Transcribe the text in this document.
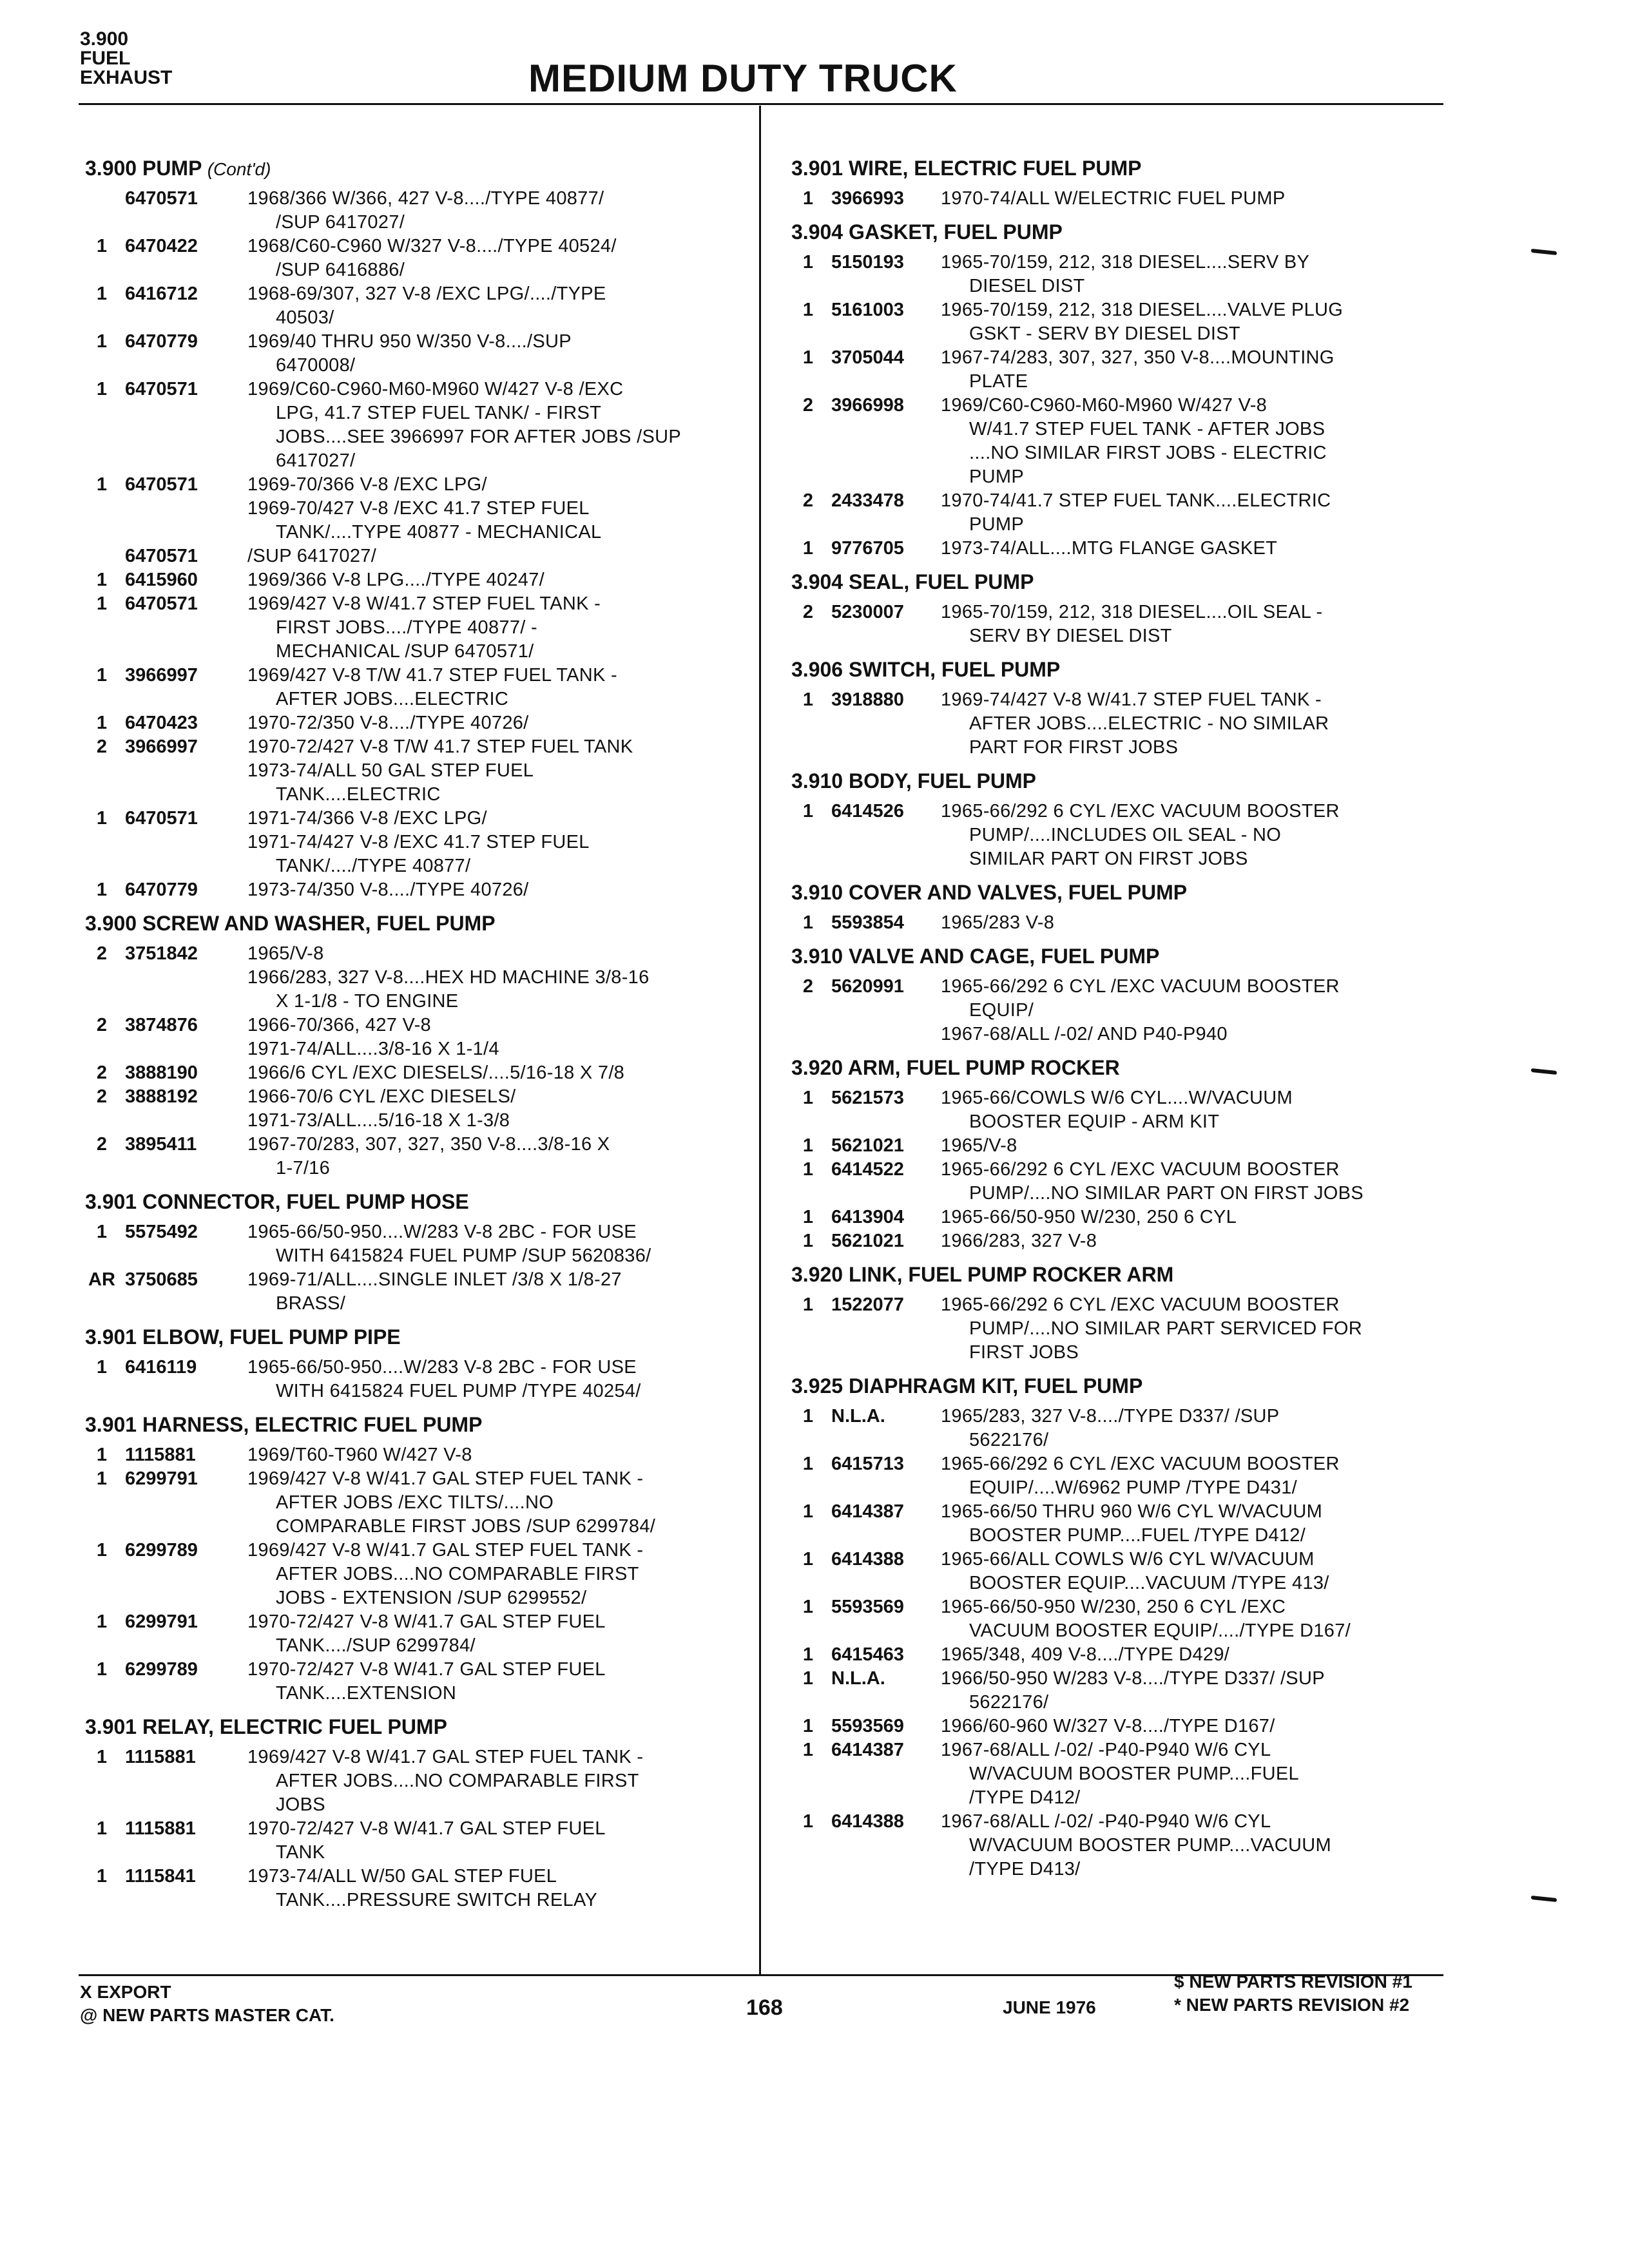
3.900
FUEL
EXHAUST	MEDIUM DUTY TRUCK
3.900 PUMP (Cont'd)
6470571	1968/366 W/366, 427 V-8..../TYPE 40877/
/SUP 6417027/
1 6470422	1968/C60-C960 W/327 V-8..../TYPE 40524/
/SUP 6416886/
1 6416712	1968-69/307, 327 V-8 /EXC LPG/..../TYPE
40503/
1 6470779	1969/40 THRU 950 W/350 V-8..../SUP
6470008/
1 6470571	1969/C60-C960-M60-M960 W/427 V-8 /EXC
LPG, 41.7 STEP FUEL TANK/ - FIRST
JOBS....SEE 3966997 FOR AFTER JOBS /SUP
6417027/
1 6470571	1969-70/366 V-8 /EXC LPG/
1969-70/427 V-8 /EXC 41.7 STEP FUEL
TANK/....TYPE 40877 - MECHANICAL
6470571	/SUP 6417027/
1 6415960	1969/366 V-8 LPG..../TYPE 40247/
1 6470571	1969/427 V-8 W/41.7 STEP FUEL TANK -
FIRST JOBS..../TYPE 40877/ -
MECHANICAL /SUP 6470571/
1 3966997	1969/427 V-8 T/W 41.7 STEP FUEL TANK -
AFTER JOBS....ELECTRIC
1 6470423	1970-72/350 V-8..../TYPE 40726/
2 3966997	1970-72/427 V-8 T/W 41.7 STEP FUEL TANK
1973-74/ALL 50 GAL STEP FUEL
TANK....ELECTRIC
1 6470571	1971-74/366 V-8 /EXC LPG/
1971-74/427 V-8 /EXC 41.7 STEP FUEL
TANK/..../TYPE 40877/
1 6470779	1973-74/350 V-8..../TYPE 40726/
3.900 SCREW AND WASHER, FUEL PUMP
2 3751842	1965/V-8
1966/283, 327 V-8....HEX HD MACHINE 3/8-16
X 1-1/8 - TO ENGINE
2 3874876	1966-70/366, 427 V-8
1971-74/ALL....3/8-16 X 1-1/4
2 3888190	1966/6 CYL /EXC DIESELS/....5/16-18 X 7/8
2 3888192	1966-70/6 CYL /EXC DIESELS/
1971-73/ALL....5/16-18 X 1-3/8
2 3895411	1967-70/283, 307, 327, 350 V-8....3/8-16 X
1-7/16
3.901 CONNECTOR, FUEL PUMP HOSE
1 5575492	1965-66/50-950....W/283 V-8 2BC - FOR USE
WITH 6415824 FUEL PUMP /SUP 5620836/
AR 3750685	1969-71/ALL....SINGLE INLET /3/8 X 1/8-27
BRASS/
3.901 ELBOW, FUEL PUMP PIPE
1 6416119	1965-66/50-950....W/283 V-8 2BC - FOR USE
WITH 6415824 FUEL PUMP /TYPE 40254/
3.901 HARNESS, ELECTRIC FUEL PUMP
1 1115881	1969/T60-T960 W/427 V-8
1 6299791	1969/427 V-8 W/41.7 GAL STEP FUEL TANK -
AFTER JOBS /EXC TILTS/....NO
COMPARABLE FIRST JOBS /SUP 6299784/
1 6299789	1969/427 V-8 W/41.7 GAL STEP FUEL TANK -
AFTER JOBS....NO COMPARABLE FIRST
JOBS - EXTENSION /SUP 6299552/
1 6299791	1970-72/427 V-8 W/41.7 GAL STEP FUEL
TANK..../SUP 6299784/
1 6299789	1970-72/427 V-8 W/41.7 GAL STEP FUEL
TANK....EXTENSION
3.901 RELAY, ELECTRIC FUEL PUMP
1 1115881	1969/427 V-8 W/41.7 GAL STEP FUEL TANK -
AFTER JOBS....NO COMPARABLE FIRST
JOBS
1 1115881	1970-72/427 V-8 W/41.7 GAL STEP FUEL
TANK
1 1115841	1973-74/ALL W/50 GAL STEP FUEL
TANK....PRESSURE SWITCH RELAY
3.901 WIRE, ELECTRIC FUEL PUMP
1 3966993	1970-74/ALL W/ELECTRIC FUEL PUMP
3.904 GASKET, FUEL PUMP
1 5150193	1965-70/159, 212, 318 DIESEL....SERV BY
DIESEL DIST
1 5161003	1965-70/159, 212, 318 DIESEL....VALVE PLUG
GSKT - SERV BY DIESEL DIST
1 3705044	1967-74/283, 307, 327, 350 V-8....MOUNTING
PLATE
2 3966998	1969/C60-C960-M60-M960 W/427 V-8
W/41.7 STEP FUEL TANK - AFTER JOBS
....NO SIMILAR FIRST JOBS - ELECTRIC
PUMP
2 2433478	1970-74/41.7 STEP FUEL TANK....ELECTRIC
PUMP
1 9776705	1973-74/ALL....MTG FLANGE GASKET
3.904 SEAL, FUEL PUMP
2 5230007	1965-70/159, 212, 318 DIESEL....OIL SEAL -
SERV BY DIESEL DIST
3.906 SWITCH, FUEL PUMP
1 3918880	1969-74/427 V-8 W/41.7 STEP FUEL TANK -
AFTER JOBS....ELECTRIC - NO SIMILAR
PART FOR FIRST JOBS
3.910 BODY, FUEL PUMP
1 6414526	1965-66/292 6 CYL /EXC VACUUM BOOSTER
PUMP/....INCLUDES OIL SEAL - NO
SIMILAR PART ON FIRST JOBS
3.910 COVER AND VALVES, FUEL PUMP
1 5593854	1965/283 V-8
3.910 VALVE AND CAGE, FUEL PUMP
2 5620991	1965-66/292 6 CYL /EXC VACUUM BOOSTER
EQUIP/
1967-68/ALL /-02/ AND P40-P940
3.920 ARM, FUEL PUMP ROCKER
1 5621573	1965-66/COWLS W/6 CYL....W/VACUUM
BOOSTER EQUIP - ARM KIT
1 5621021	1965/V-8
1 6414522	1965-66/292 6 CYL /EXC VACUUM BOOSTER
PUMP/....NO SIMILAR PART ON FIRST JOBS
1 6413904	1965-66/50-950 W/230, 250 6 CYL
1 5621021	1966/283, 327 V-8
3.920 LINK, FUEL PUMP ROCKER ARM
1 1522077	1965-66/292 6 CYL /EXC VACUUM BOOSTER
PUMP/....NO SIMILAR PART SERVICED FOR
FIRST JOBS
3.925 DIAPHRAGM KIT, FUEL PUMP
1 N.L.A.	1965/283, 327 V-8..../TYPE D337/ /SUP
5622176/
1 6415713	1965-66/292 6 CYL /EXC VACUUM BOOSTER
EQUIP/....W/6962 PUMP /TYPE D431/
1 6414387	1965-66/50 THRU 960 W/6 CYL W/VACUUM
BOOSTER PUMP....FUEL /TYPE D412/
1 6414388	1965-66/ALL COWLS W/6 CYL W/VACUUM
BOOSTER EQUIP....VACUUM /TYPE 413/
1 5593569	1965-66/50-950 W/230, 250 6 CYL /EXC
VACUUM BOOSTER EQUIP/..../TYPE D167/
1 6415463	1965/348, 409 V-8..../TYPE D429/
1 N.L.A.	1966/50-950 W/283 V-8..../TYPE D337/ /SUP
5622176/
1 5593569	1966/60-960 W/327 V-8..../TYPE D167/
1 6414387	1967-68/ALL /-02/ -P40-P940 W/6 CYL
W/VACUUM BOOSTER PUMP....FUEL
/TYPE D412/
1 6414388	1967-68/ALL /-02/ -P40-P940 W/6 CYL
W/VACUUM BOOSTER PUMP....VACUUM
/TYPE D413/
X EXPORT
@ NEW PARTS MASTER CAT.	168	JUNE 1976
$ NEW PARTS REVISION #1
* NEW PARTS REVISION #2
